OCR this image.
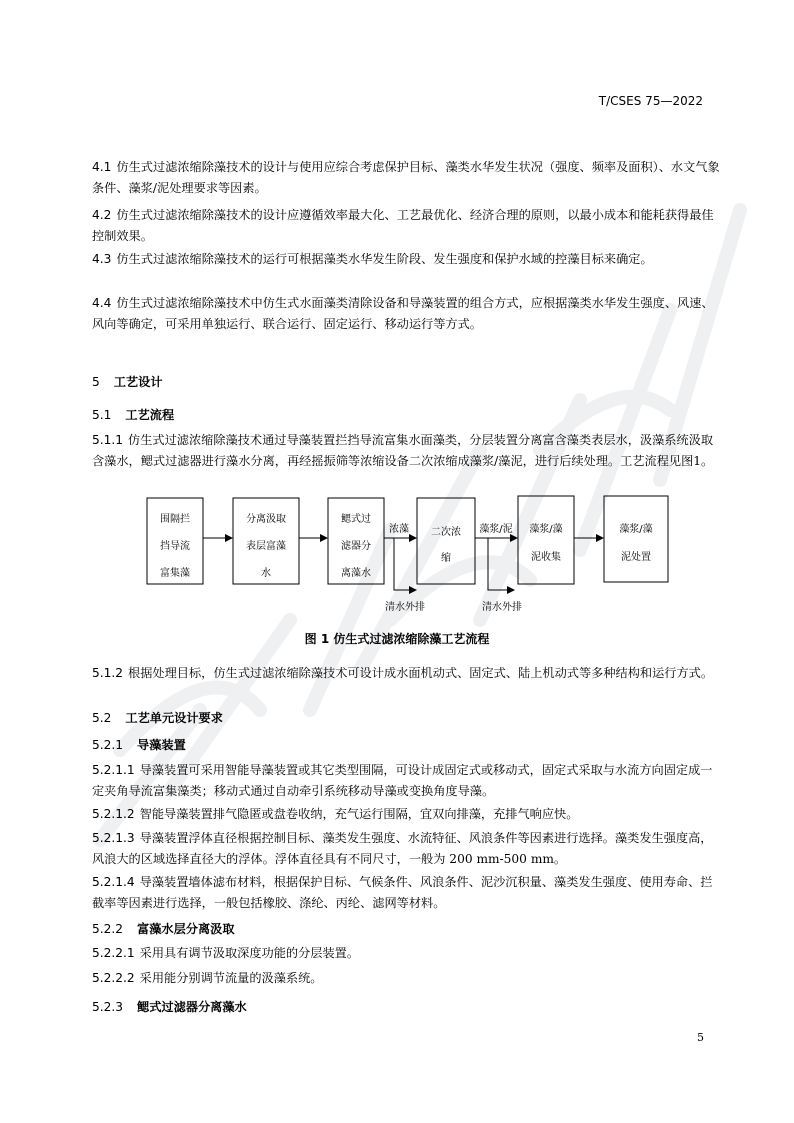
T/CSES 75—2022

4.1 仿生式过滤浓缩除藻技术的设计与使用应综合考虑保护目标、藻类水华发生状况（强度、频率及面积）、水文气象条件、藻浆/泥处理要求等因素。

4.2 仿生式过滤浓缩除藻技术的设计应遵循效率最大化、工艺最优化、经济合理的原则，以最小成本和能耗获得最佳控制效果。

4.3 仿生式过滤浓缩除藻技术的运行可根据藻类水华发生阶段、发生强度和保护水域的控藻目标来确定。

4.4 仿生式过滤浓缩除藻技术中仿生式水面藻类清除设备和导藻装置的组合方式，应根据藻类水华发生强度、风速、风向等确定，可采用单独运行、联合运行、固定运行、移动运行等方式。

5 工艺设计
5.1 工艺流程

5.1.1 仿生式过滤浓缩除藻技术通过导藻装置拦挡导流富集水面藻类，分层装置分离富含藻类表层水，汲藻系统汲取含藻水，鳃式过滤器进行藻水分离，再经摇振筛等浓缩设备二次浓缩成藻浆/藻泥，进行后续处理。工艺流程见图1。

围隔拦
挡导流
富集藻
分离汲取
表层富藻
水
鳃式过
滤器分
离藻水
二次浓
缩
藻浆/藻
泥收集
藻浆/藻
泥处置
浓藻	藻浆/泥
清水外排	清水外排
图 1 仿生式过滤浓缩除藻工艺流程

5.1.2 根据处理目标，仿生式过滤浓缩除藻技术可设计成水面机动式、固定式、陆上机动式等多种结构和运行方式。

5.2 工艺单元设计要求
5.2.1 导藻装置

5.2.1.1 导藻装置可采用智能导藻装置或其它类型围隔，可设计成固定式或移动式，固定式采取与水流方向固定成一定夹角导流富集藻类；移动式通过自动牵引系统移动导藻或变换角度导藻。

5.2.1.2 智能导藻装置排气隐匿或盘卷收纳，充气运行围隔，宜双向排藻，充排气响应快。

5.2.1.3 导藻装置浮体直径根据控制目标、藻类发生强度、水流特征、风浪条件等因素进行选择。藻类发生强度高，风浪大的区域选择直径大的浮体。浮体直径具有不同尺寸，一般为 200 mm-500 mm。

5.2.1.4 导藻装置墙体滤布材料，根据保护目标、气候条件、风浪条件、泥沙沉积量、藻类发生强度、使用寿命、拦截率等因素进行选择，一般包括橡胶、涤纶、丙纶、滤网等材料。

5.2.2 富藻水层分离汲取

5.2.2.1 采用具有调节汲取深度功能的分层装置。

5.2.2.2 采用能分别调节流量的汲藻系统。

5.2.3 鳃式过滤器分离藻水
5
